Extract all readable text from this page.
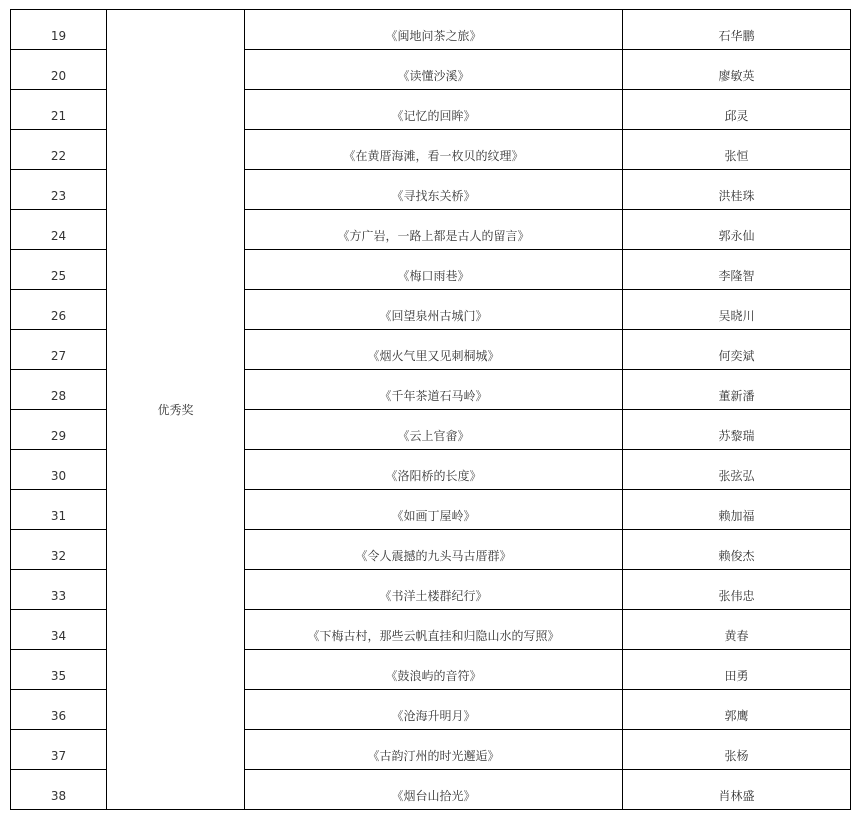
19	优秀奖	《闽地问茶之旅》	石华鹏
20		《读懂沙溪》	廖敏英
21		《记忆的回眸》	邱灵
22		《在黄厝海滩，看一枚贝的纹理》	张恒
23		《寻找东关桥》	洪桂珠
24		《方广岩，一路上都是古人的留言》	郭永仙
25		《梅口雨巷》	李隆智
26		《回望泉州古城门》	吴晓川
27		《烟火气里又见刺桐城》	何奕斌
28		《千年茶道石马岭》	董新潘
29		《云上官畲》	苏黎瑞
30		《洛阳桥的长度》	张弦弘
31		《如画丁屋岭》	赖加福
32		《令人震撼的九头马古厝群》	赖俊杰
33		《书洋土楼群纪行》	张伟忠
34		《下梅古村，那些云帆直挂和归隐山水的写照》	黄春
35		《鼓浪屿的音符》	田勇
36		《沧海升明月》	郭鹰
37		《古韵汀州的时光邂逅》	张杨
38		《烟台山拾光》	肖林盛
